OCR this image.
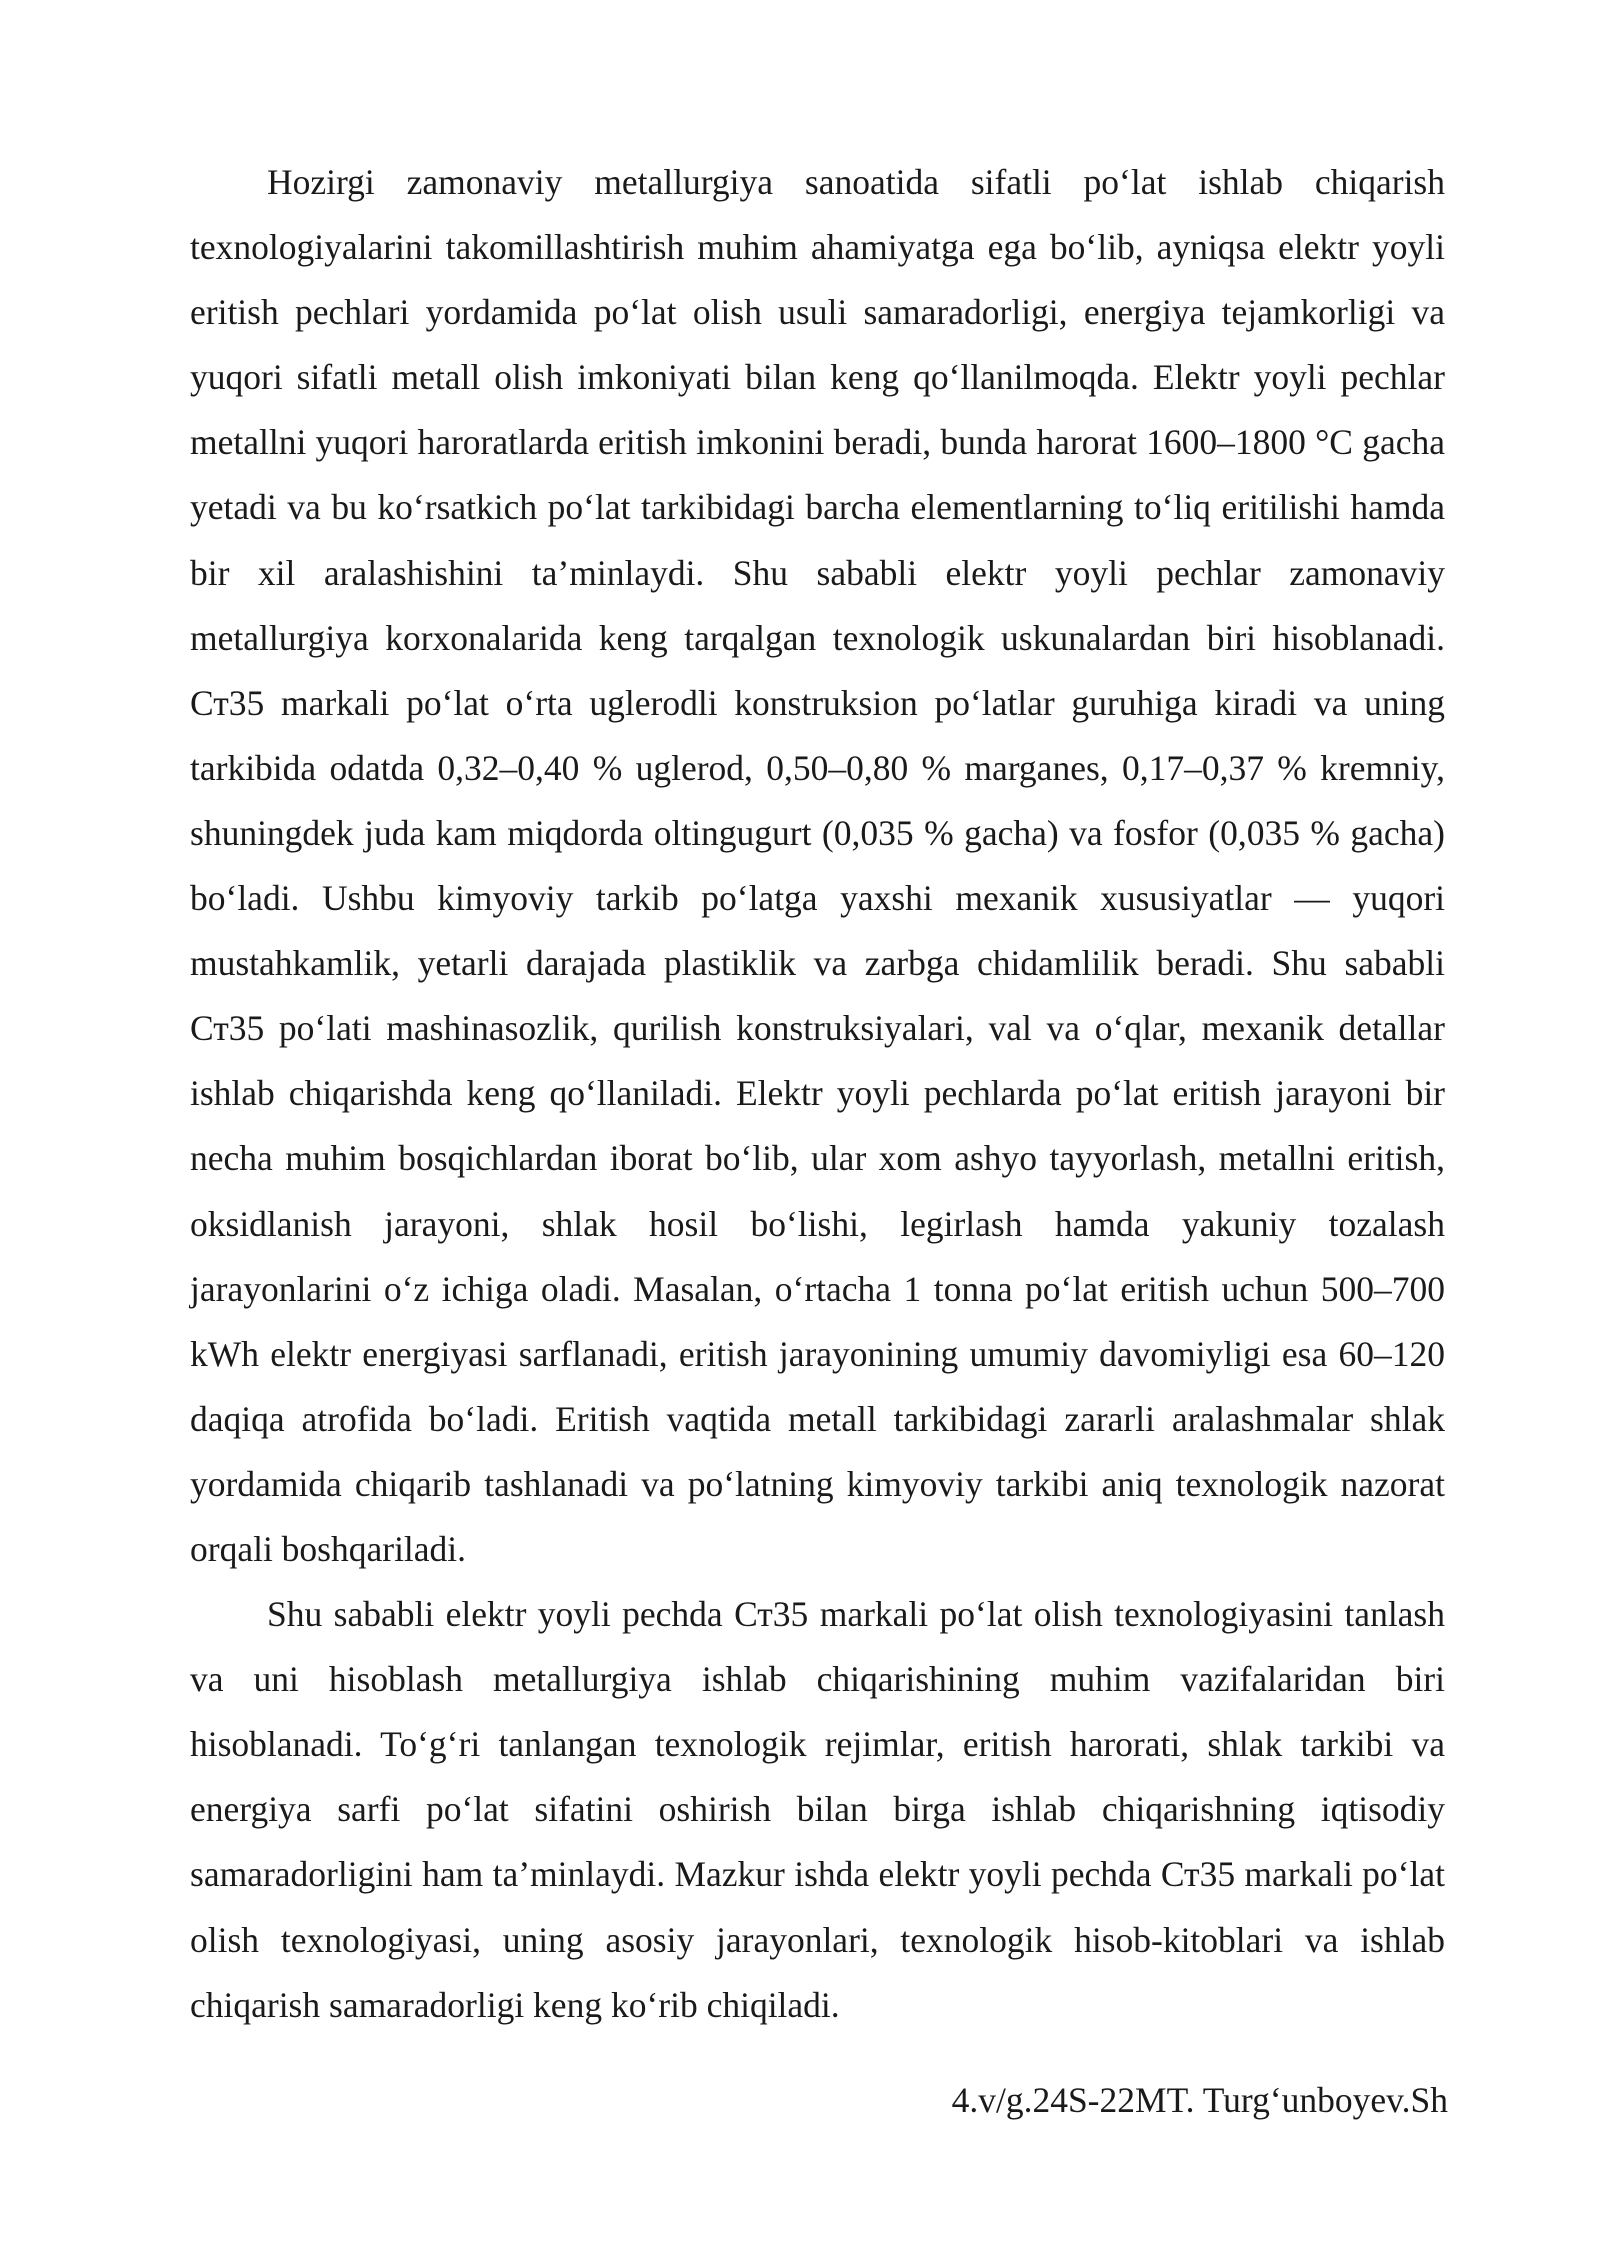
Hozirgi zamonaviy metallurgiya sanoatida sifatli po‘lat ishlab chiqarish texnologiyalarini takomillashtirish muhim ahamiyatga ega bo‘lib, ayniqsa elektr yoyli eritish pechlari yordamida po‘lat olish usuli samaradorligi, energiya tejamkorligi va yuqori sifatli metall olish imkoniyati bilan keng qo‘llanilmoqda. Elektr yoyli pechlar metallni yuqori haroratlarda eritish imkonini beradi, bunda harorat 1600–1800 °C gacha yetadi va bu ko‘rsatkich po‘lat tarkibidagi barcha elementlarning to‘liq eritilishi hamda bir xil aralashishini ta’minlaydi. Shu sababli elektr yoyli pechlar zamonaviy metallurgiya korxonalarida keng tarqalgan texnologik uskunalardan biri hisoblanadi. Ст35 markali po‘lat o‘rta uglerodli konstruksion po‘latlar guruhiga kiradi va uning tarkibida odatda 0,32–0,40 % uglerod, 0,50–0,80 % marganes, 0,17–0,37 % kremniy, shuningdek juda kam miqdorda oltingugurt (0,035 % gacha) va fosfor (0,035 % gacha) bo‘ladi. Ushbu kimyoviy tarkib po‘latga yaxshi mexanik xususiyatlar — yuqori mustahkamlik, yetarli darajada plastiklik va zarbga chidamlilik beradi. Shu sababli Ст35 po‘lati mashinasozlik, qurilish konstruksiyalari, val va o‘qlar, mexanik detallar ishlab chiqarishda keng qo‘llaniladi. Elektr yoyli pechlarda po‘lat eritish jarayoni bir necha muhim bosqichlardan iborat bo‘lib, ular xom ashyo tayyorlash, metallni eritish, oksidlanish jarayoni, shlak hosil bo‘lishi, legirlash hamda yakuniy tozalash jarayonlarini o‘z ichiga oladi. Masalan, o‘rtacha 1 tonna po‘lat eritish uchun 500–700 kWh elektr energiyasi sarflanadi, eritish jarayonining umumiy davomiyligi esa 60–120 daqiqa atrofida bo‘ladi. Eritish vaqtida metall tarkibidagi zararli aralashmalar shlak yordamida chiqarib tashlanadi va po‘latning kimyoviy tarkibi aniq texnologik nazorat orqali boshqariladi.

Shu sababli elektr yoyli pechda Ст35 markali po‘lat olish texnologiyasini tanlash va uni hisoblash metallurgiya ishlab chiqarishining muhim vazifalaridan biri hisoblanadi. To‘g‘ri tanlangan texnologik rejimlar, eritish harorati, shlak tarkibi va energiya sarfi po‘lat sifatini oshirish bilan birga ishlab chiqarishning iqtisodiy samaradorligini ham ta’minlaydi. Mazkur ishda elektr yoyli pechda Ст35 markali po‘lat olish texnologiyasi, uning asosiy jarayonlari, texnologik hisob-kitoblari va ishlab chiqarish samaradorligi keng ko‘rib chiqiladi.

4.v/g.24S-22MT. Turg‘unboyev.Sh
